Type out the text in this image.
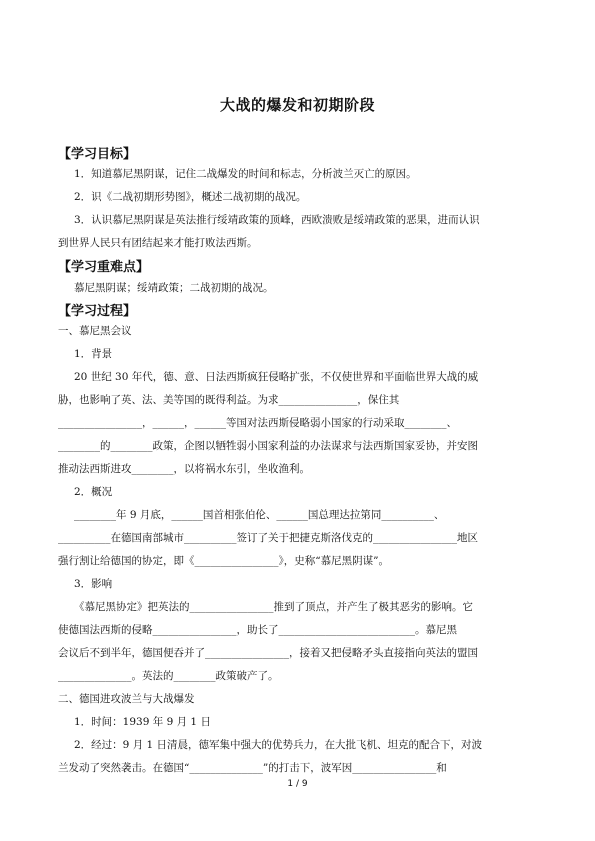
大战的爆发和初期阶段
【学习目标】
1．知道慕尼黑阴谋，记住二战爆发的时间和标志，分析波兰灭亡的原因。
2．识《二战初期形势图》，概述二战初期的战况。
3．认识慕尼黑阴谋是英法推行绥靖政策的顶峰，西欧溃败是绥靖政策的恶果，进而认识
到世界人民只有团结起来才能打败法西斯。
【学习重难点】
慕尼黑阴谋；绥靖政策；二战初期的战况。
【学习过程】
一、慕尼黑会议
1．背景
20 世纪 30 年代，德、意、日法西斯疯狂侵略扩张，不仅使世界和平面临世界大战的威
胁，也影响了英、法、美等国的既得利益。为求_______________，保住其
________________，______，______等国对法西斯侵略弱小国家的行动采取________、
________的________政策，企图以牺牲弱小国家利益的办法谋求与法西斯国家妥协，并安图
推动法西斯进攻________，以将祸水东引，坐收渔利。
2．概况
________年 9 月底，______国首相张伯伦、______国总理达拉第同__________、
__________在德国南部城市__________签订了关于把捷克斯洛伐克的________________地区
强行割让给德国的协定，即《________________》，史称“慕尼黑阴谋”。
3．影响
《慕尼黑协定》把英法的________________推到了顶点，并产生了极其恶劣的影响。它
使德国法西斯的侵略________________，助长了__________________________。慕尼黑
会议后不到半年，德国便吞并了________________，接着又把侵略矛头直接指向英法的盟国
______________。英法的________政策破产了。
二、德国进攻波兰与大战爆发
1．时间：1939 年 9 月 1 日
2．经过：9 月 1 日清晨，德军集中强大的优势兵力，在大批飞机、坦克的配合下，对波
兰发动了突然袭击。在德国“______________”的打击下，波军因________________和
1 / 9
